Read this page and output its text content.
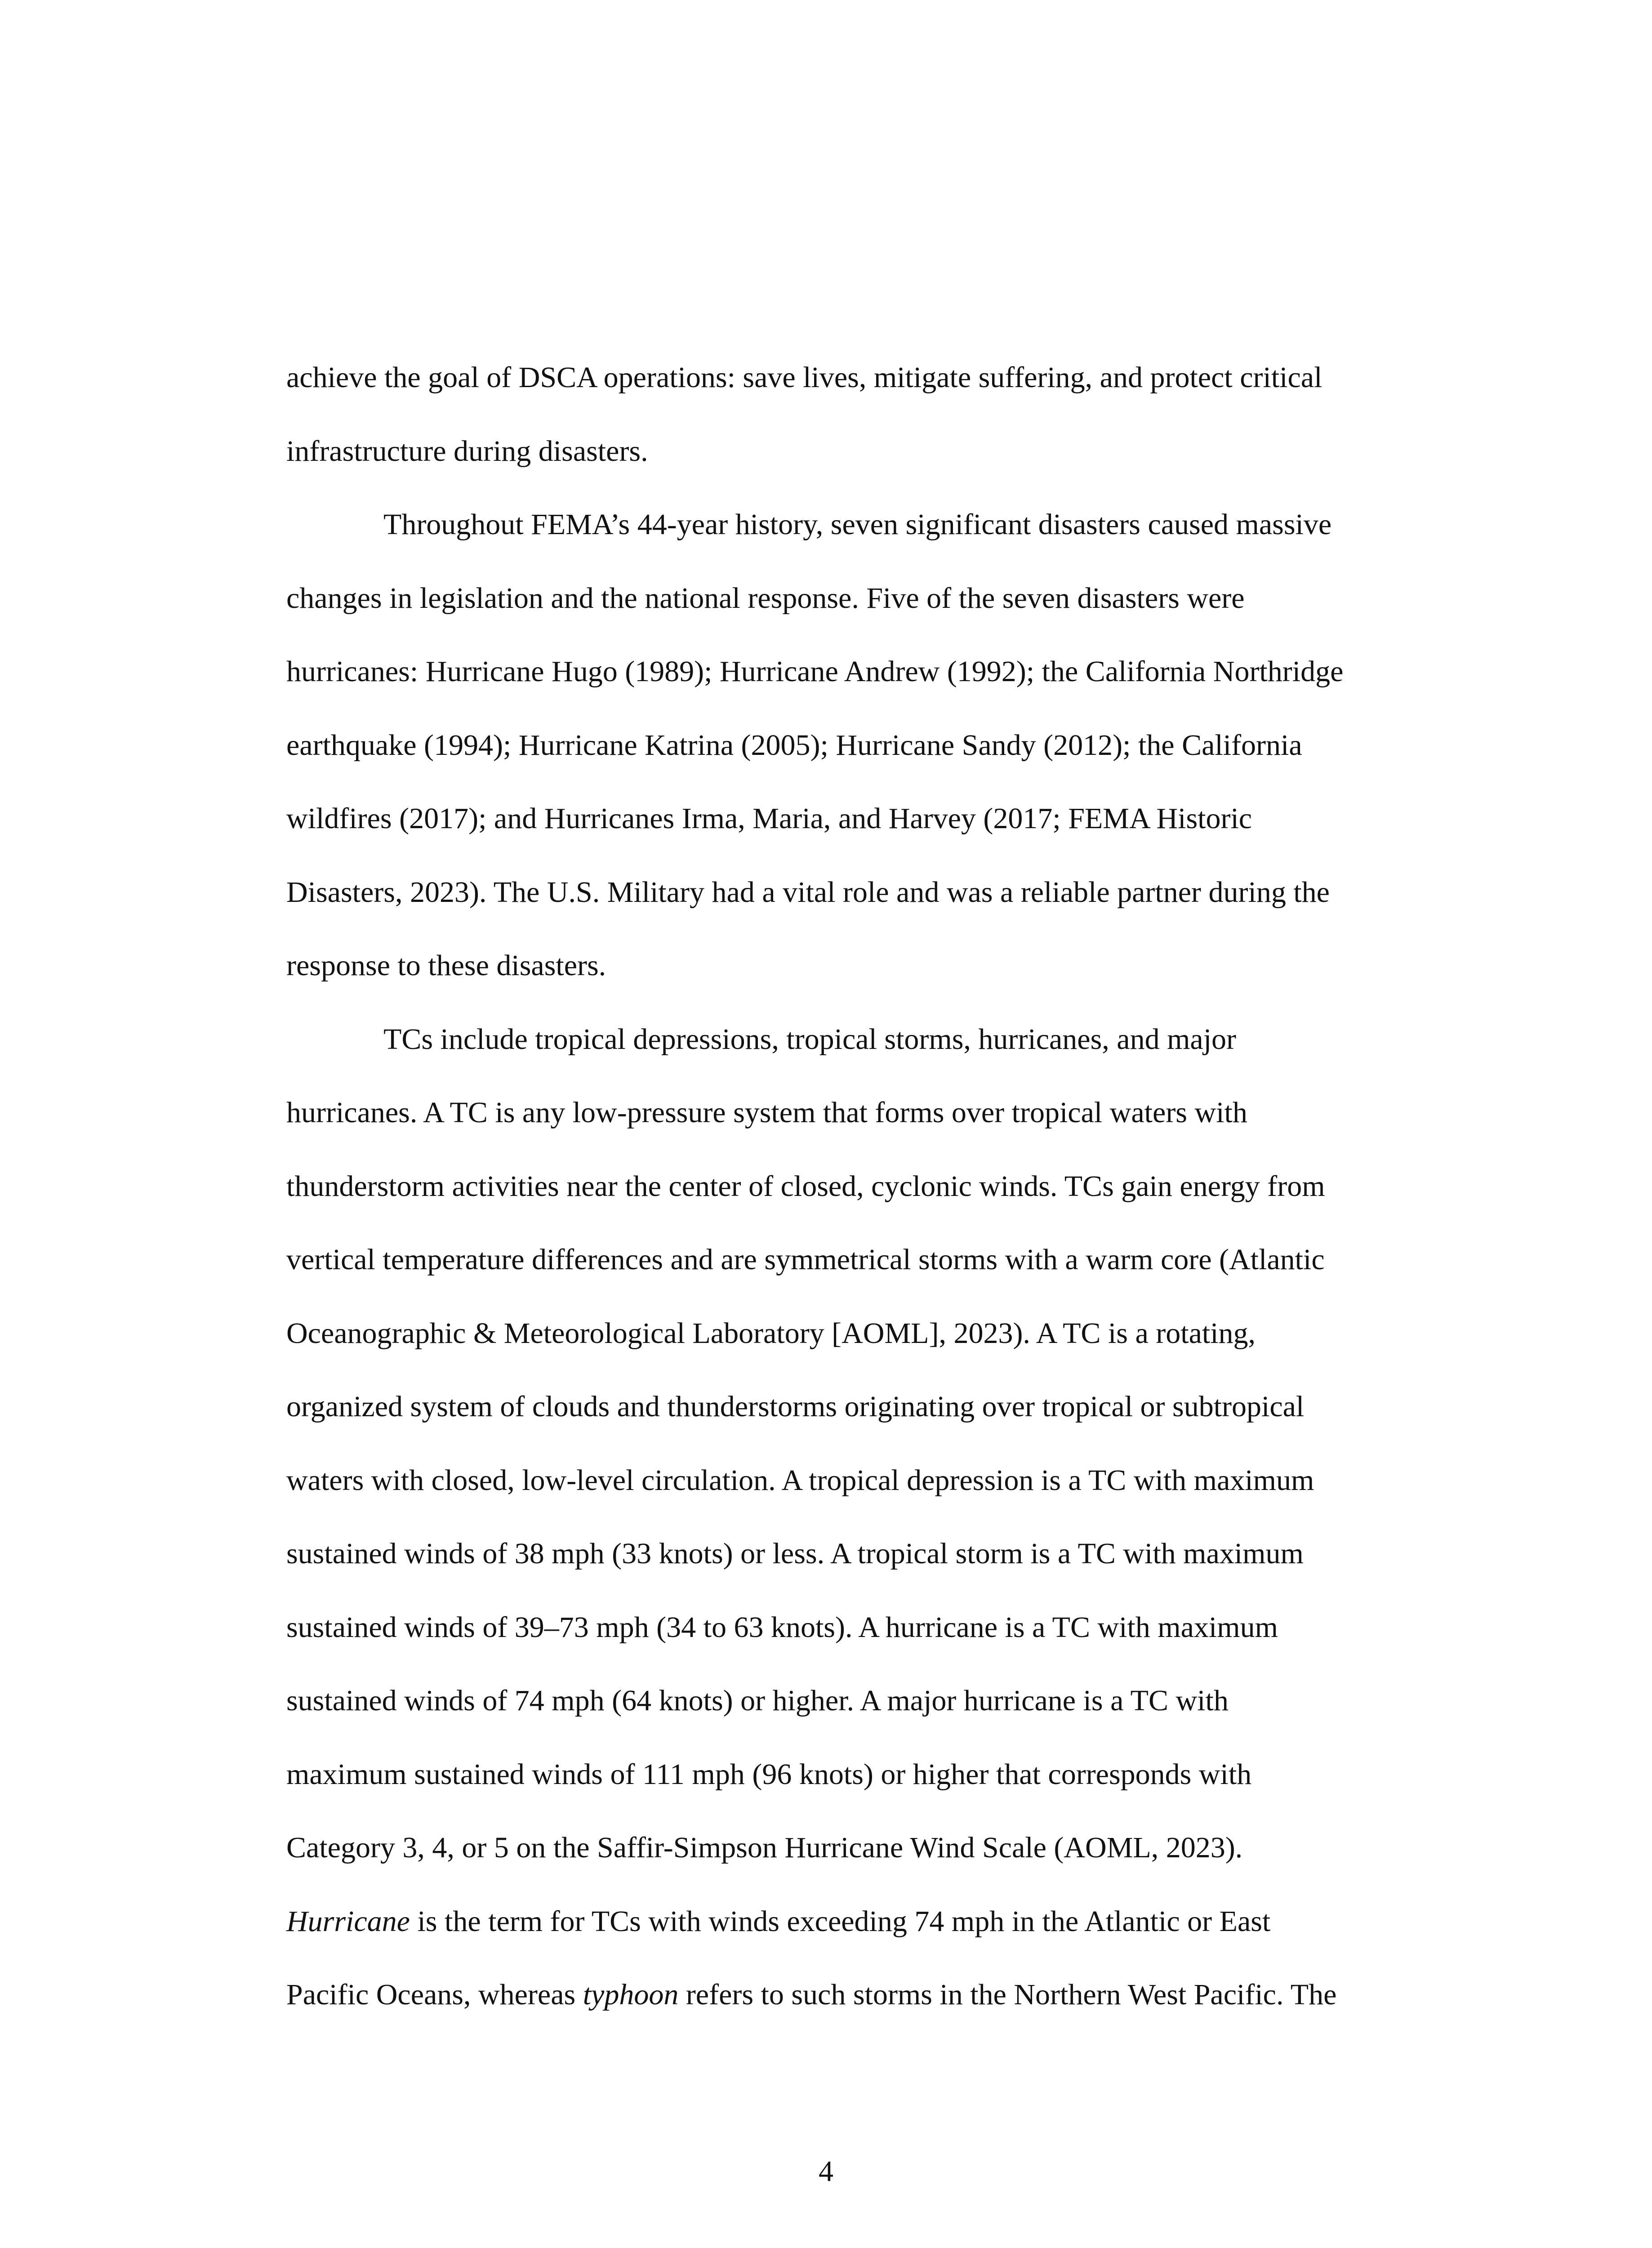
achieve the goal of DSCA operations: save lives, mitigate suffering, and protect critical
infrastructure during disasters.
Throughout FEMA’s 44-year history, seven significant disasters caused massive
changes in legislation and the national response. Five of the seven disasters were
hurricanes: Hurricane Hugo (1989); Hurricane Andrew (1992); the California Northridge
earthquake (1994); Hurricane Katrina (2005); Hurricane Sandy (2012); the California
wildfires (2017); and Hurricanes Irma, Maria, and Harvey (2017; FEMA Historic
Disasters, 2023). The U.S. Military had a vital role and was a reliable partner during the
response to these disasters.
TCs include tropical depressions, tropical storms, hurricanes, and major
hurricanes. A TC is any low-pressure system that forms over tropical waters with
thunderstorm activities near the center of closed, cyclonic winds. TCs gain energy from
vertical temperature differences and are symmetrical storms with a warm core (Atlantic
Oceanographic & Meteorological Laboratory [AOML], 2023). A TC is a rotating,
organized system of clouds and thunderstorms originating over tropical or subtropical
waters with closed, low-level circulation. A tropical depression is a TC with maximum
sustained winds of 38 mph (33 knots) or less. A tropical storm is a TC with maximum
sustained winds of 39–73 mph (34 to 63 knots). A hurricane is a TC with maximum
sustained winds of 74 mph (64 knots) or higher. A major hurricane is a TC with
maximum sustained winds of 111 mph (96 knots) or higher that corresponds with
Category 3, 4, or 5 on the Saffir-Simpson Hurricane Wind Scale (AOML, 2023).
Hurricane is the term for TCs with winds exceeding 74 mph in the Atlantic or East
Pacific Oceans, whereas typhoon refers to such storms in the Northern West Pacific. The
4
